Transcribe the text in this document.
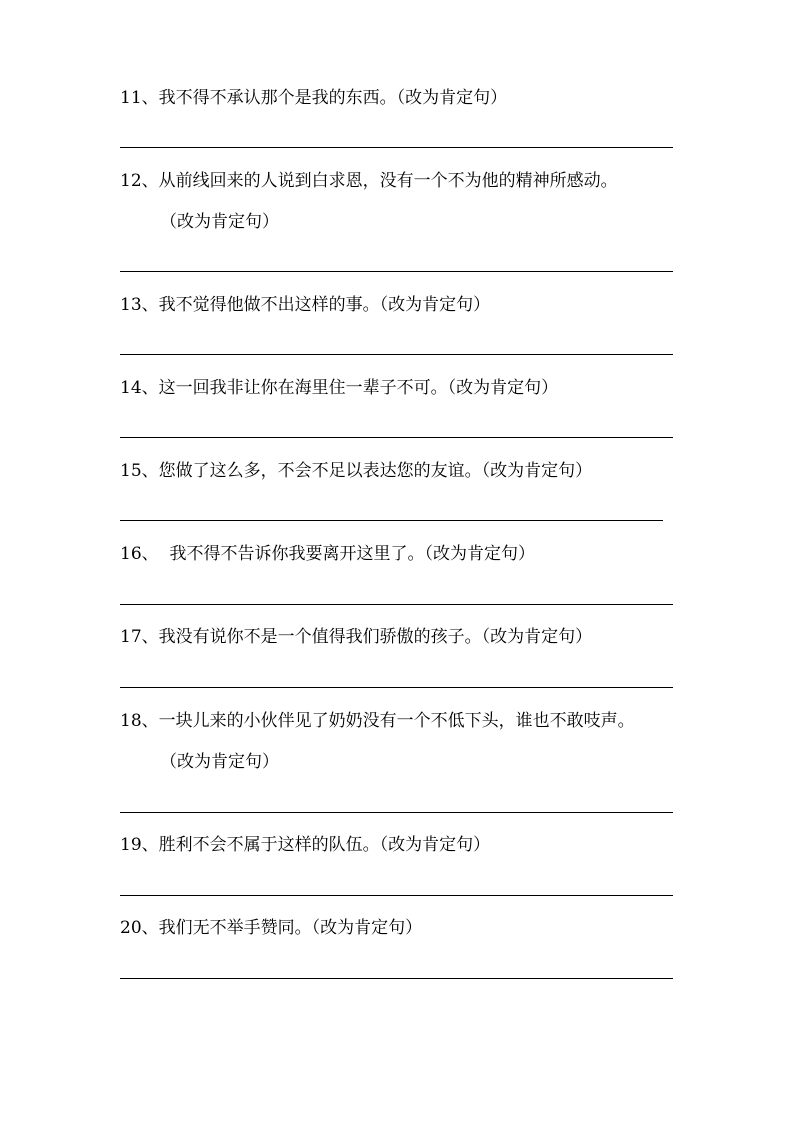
11、我不得不承认那个是我的东西。（改为肯定句）
12、从前线回来的人说到白求恩，没有一个不为他的精神所感动。
（改为肯定句）
13、我不觉得他做不出这样的事。（改为肯定句）
14、这一回我非让你在海里住一辈子不可。（改为肯定句）
15、您做了这么多，不会不足以表达您的友谊。（改为肯定句）
16、  我不得不告诉你我要离开这里了。（改为肯定句）
17、我没有说你不是一个值得我们骄傲的孩子。（改为肯定句）
18、一块儿来的小伙伴见了奶奶没有一个不低下头，谁也不敢吱声。
（改为肯定句）
19、胜利不会不属于这样的队伍。（改为肯定句）
20、我们无不举手赞同。（改为肯定句）
